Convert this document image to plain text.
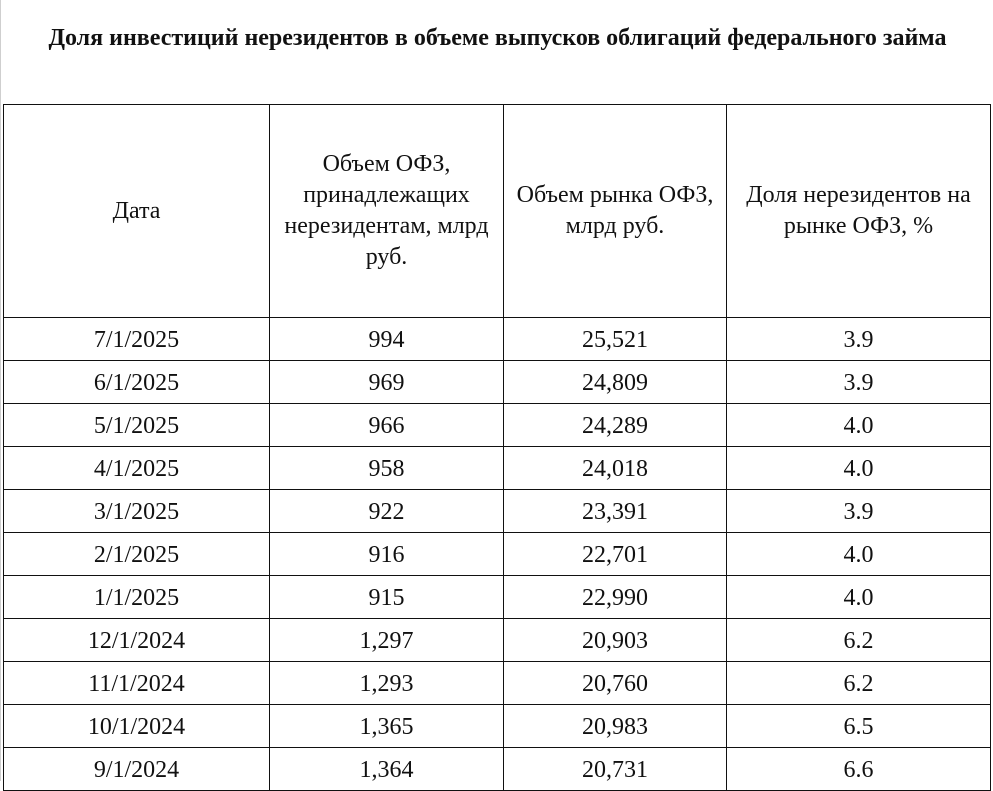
Доля инвестиций нерезидентов в объеме выпусков облигаций федерального займа
Дата	Объем ОФЗ, принадлежащих нерезидентам, млрд руб.	Объем рынка ОФЗ, млрд руб.	Доля нерезидентов на рынке ОФЗ, %
7/1/2025	994	25,521	3.9
6/1/2025	969	24,809	3.9
5/1/2025	966	24,289	4.0
4/1/2025	958	24,018	4.0
3/1/2025	922	23,391	3.9
2/1/2025	916	22,701	4.0
1/1/2025	915	22,990	4.0
12/1/2024	1,297	20,903	6.2
11/1/2024	1,293	20,760	6.2
10/1/2024	1,365	20,983	6.5
9/1/2024	1,364	20,731	6.6
